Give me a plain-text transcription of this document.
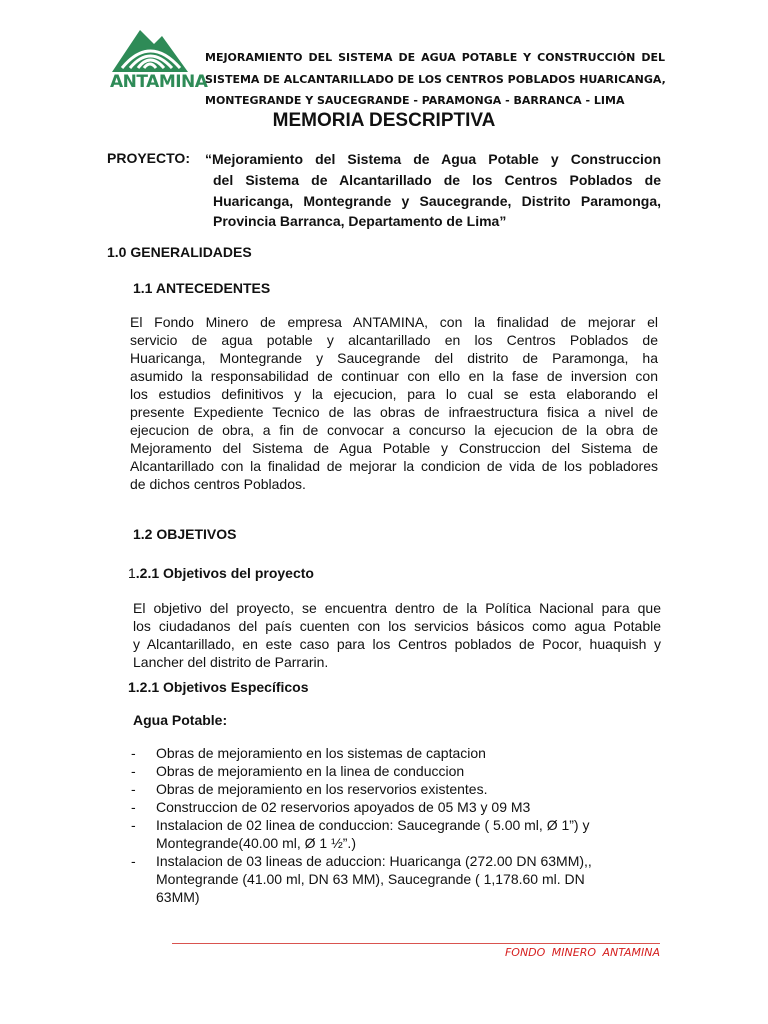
ANTAMINA
MEJORAMIENTO DEL SISTEMA DE AGUA POTABLE Y CONSTRUCCIÓN DEL
SISTEMA DE ALCANTARILLADO DE LOS CENTROS POBLADOS HUARICANGA,
MONTEGRANDE Y SAUCEGRANDE - PARAMONGA - BARRANCA - LIMA
MEMORIA DESCRIPTIVA
PROYECTO: “Mejoramiento del Sistema de Agua Potable y Construccion
del Sistema de Alcantarillado de los Centros Poblados de
Huaricanga, Montegrande y Saucegrande, Distrito Paramonga,
Provincia Barranca, Departamento de Lima”
1.0 GENERALIDADES
1.1 ANTECEDENTES
El Fondo Minero de empresa ANTAMINA, con la finalidad de mejorar el
servicio de agua potable y alcantarillado en los Centros Poblados de
Huaricanga, Montegrande y Saucegrande del distrito de Paramonga, ha
asumido la responsabilidad de continuar con ello en la fase de inversion con
los estudios definitivos y la ejecucion, para lo cual se esta elaborando el
presente Expediente Tecnico de las obras de infraestructura fisica a nivel de
ejecucion de obra, a fin de convocar a concurso la ejecucion de la obra de
Mejoramento del Sistema de Agua Potable y Construccion del Sistema de
Alcantarillado con la finalidad de mejorar la condicion de vida de los pobladores
de dichos centros Poblados.
1.2 OBJETIVOS
1.2.1 Objetivos del proyecto
El objetivo del proyecto, se encuentra dentro de la Política Nacional para que
los ciudadanos del país cuenten con los servicios básicos como agua Potable
y Alcantarillado, en este caso para los Centros poblados de Pocor, huaquish y
Lancher del distrito de Parrarin.
1.2.1 Objetivos Específicos
Agua Potable:
- Obras de mejoramiento en los sistemas de captacion
- Obras de mejoramiento en la linea de conduccion
- Obras de mejoramiento en los reservorios existentes.
- Construccion de 02 reservorios apoyados de 05 M3 y 09 M3
- Instalacion de 02 linea de conduccion: Saucegrande ( 5.00 ml, Ø 1”) y
Montegrande(40.00 ml, Ø 1 ½”.)
- Instalacion de 03 lineas de aduccion: Huaricanga (272.00 DN 63MM),,
Montegrande (41.00 ml, DN 63 MM), Saucegrande ( 1,178.60 ml. DN
63MM)
FONDO MINERO ANTAMINA
